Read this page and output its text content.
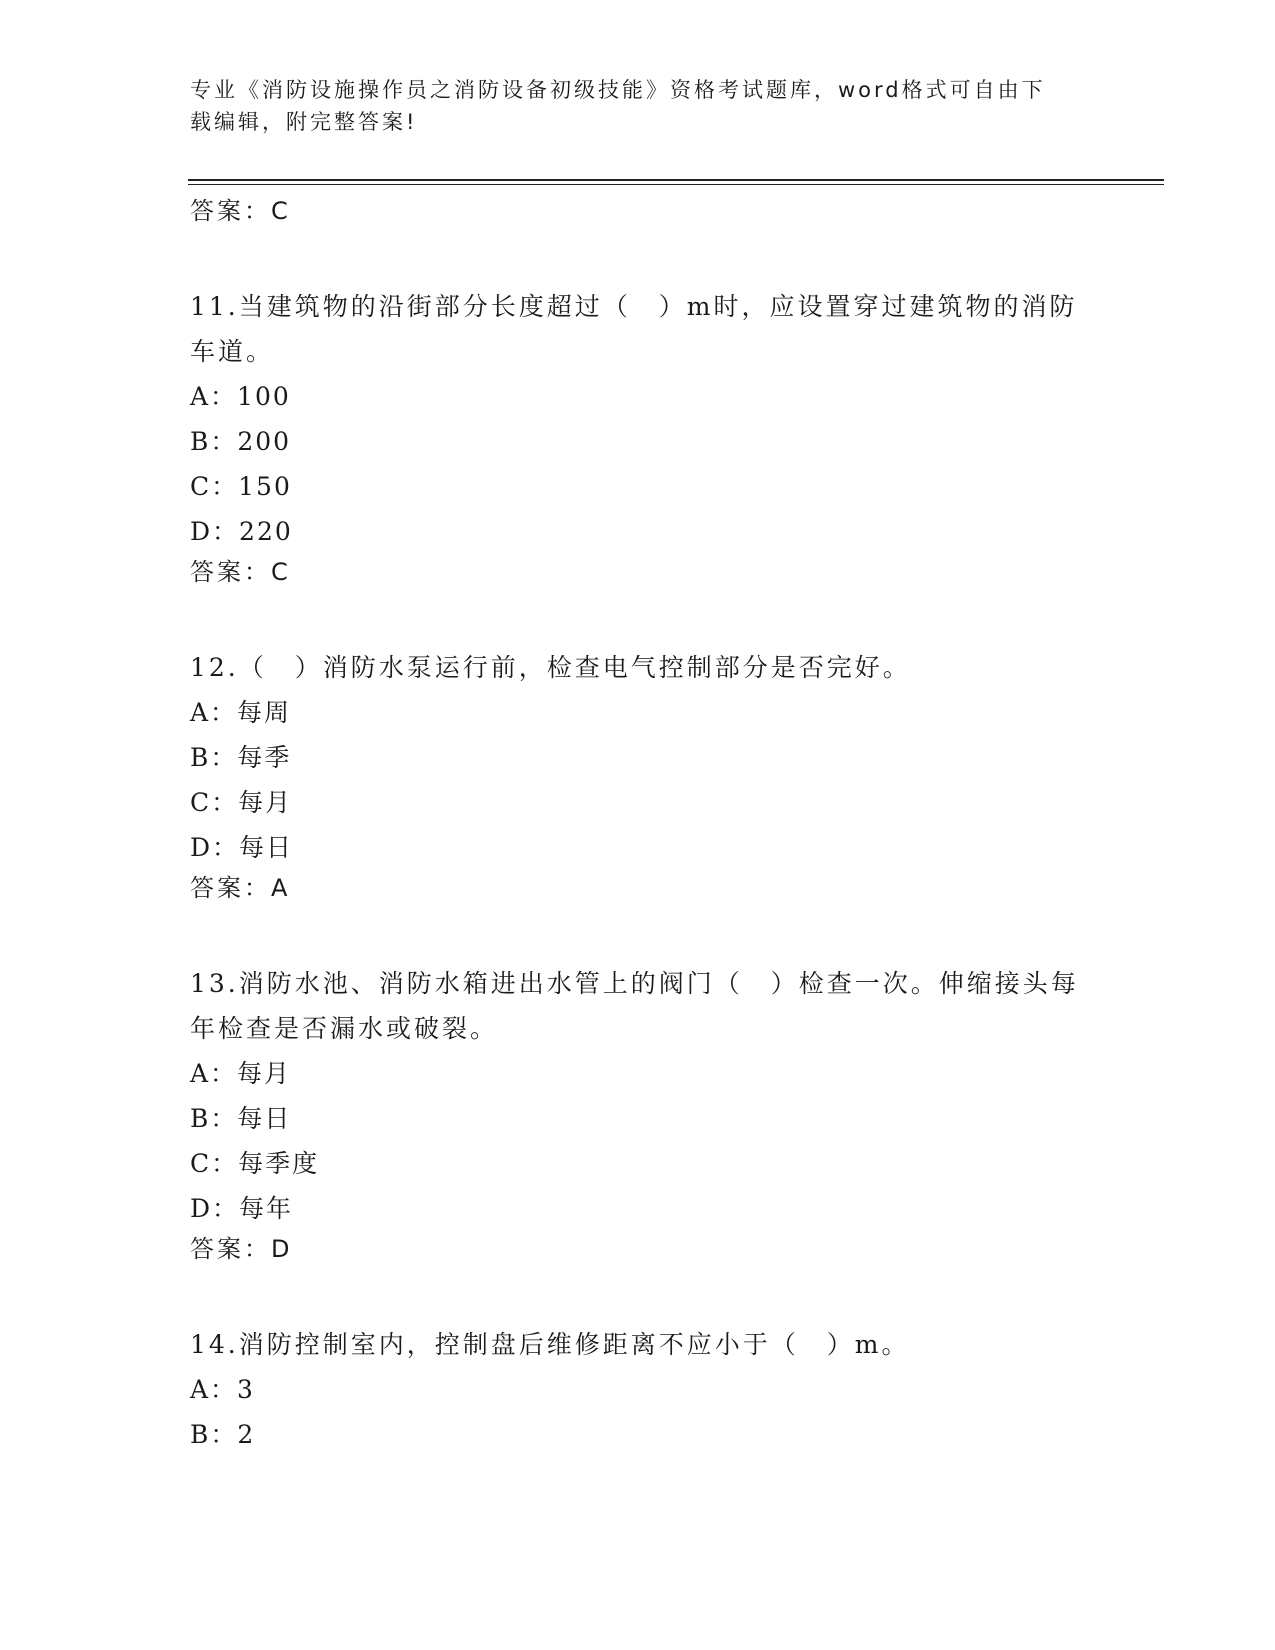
专业《消防设施操作员之消防设备初级技能》资格考试题库，word格式可自由下
载编辑，附完整答案!

答案：C

11.当建筑物的沿街部分长度超过（　）m时，应设置穿过建筑物的消防车道。

A：100

B：200

C：150

D：220

答案：C

12.（　）消防水泵运行前，检查电气控制部分是否完好。

A：每周

B：每季

C：每月

D：每日

答案：A

13.消防水池、消防水箱进出水管上的阀门（　）检查一次。伸缩接头每年检查是否漏水或破裂。

A：每月

B：每日

C：每季度

D：每年

答案：D

14.消防控制室内，控制盘后维修距离不应小于（　）m。

A：3

B：2
